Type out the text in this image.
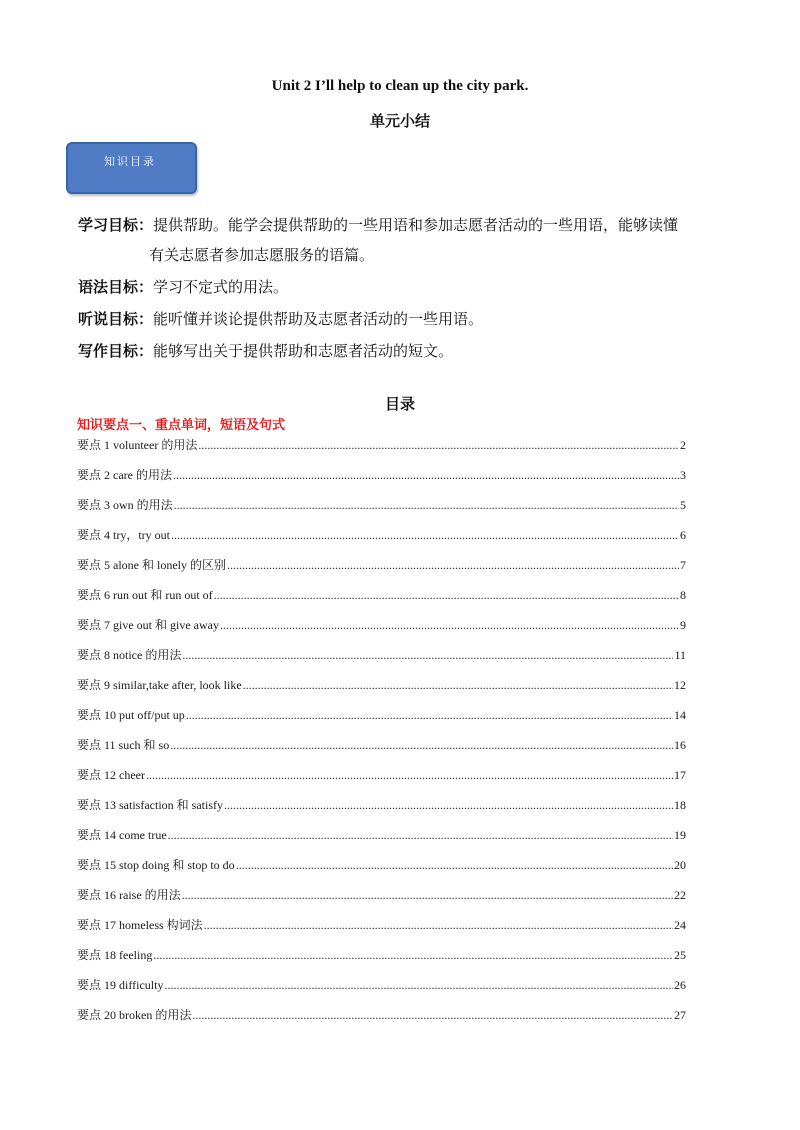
Unit 2 I’ll help to clean up the city park.
单元小结
知识目录
学习目标：提供帮助。能学会提供帮助的一些用语和参加志愿者活动的一些用语，能够读懂
有关志愿者参加志愿服务的语篇。
语法目标：学习不定式的用法。
听说目标：能听懂并谈论提供帮助及志愿者活动的一些用语。
写作目标：能够写出关于提供帮助和志愿者活动的短文。
目录
知识要点一、重点单词，短语及句式
要点 1 volunteer 的用法 .....	2
要点 2 care 的用法 .....	3
要点 3 own 的用法 .....	5
要点 4 try，try out .....	6
要点 5 alone 和 lonely 的区别 .....	7
要点 6 run out 和 run out of .....	8
要点 7 give out 和 give away .....	9
要点 8 notice 的用法 .....	11
要点 9 similar,take after, look like .....	12
要点 10 put off/put up .....	14
要点 11 such 和 so .....	16
要点 12 cheer .....	17
要点 13 satisfaction 和 satisfy .....	18
要点 14 come true .....	19
要点 15 stop doing 和 stop to do .....	20
要点 16 raise 的用法 .....	22
要点 17 homeless 构词法 .....	24
要点 18 feeling .....	25
要点 19 difficulty .....	26
要点 20 broken 的用法 .....	27
